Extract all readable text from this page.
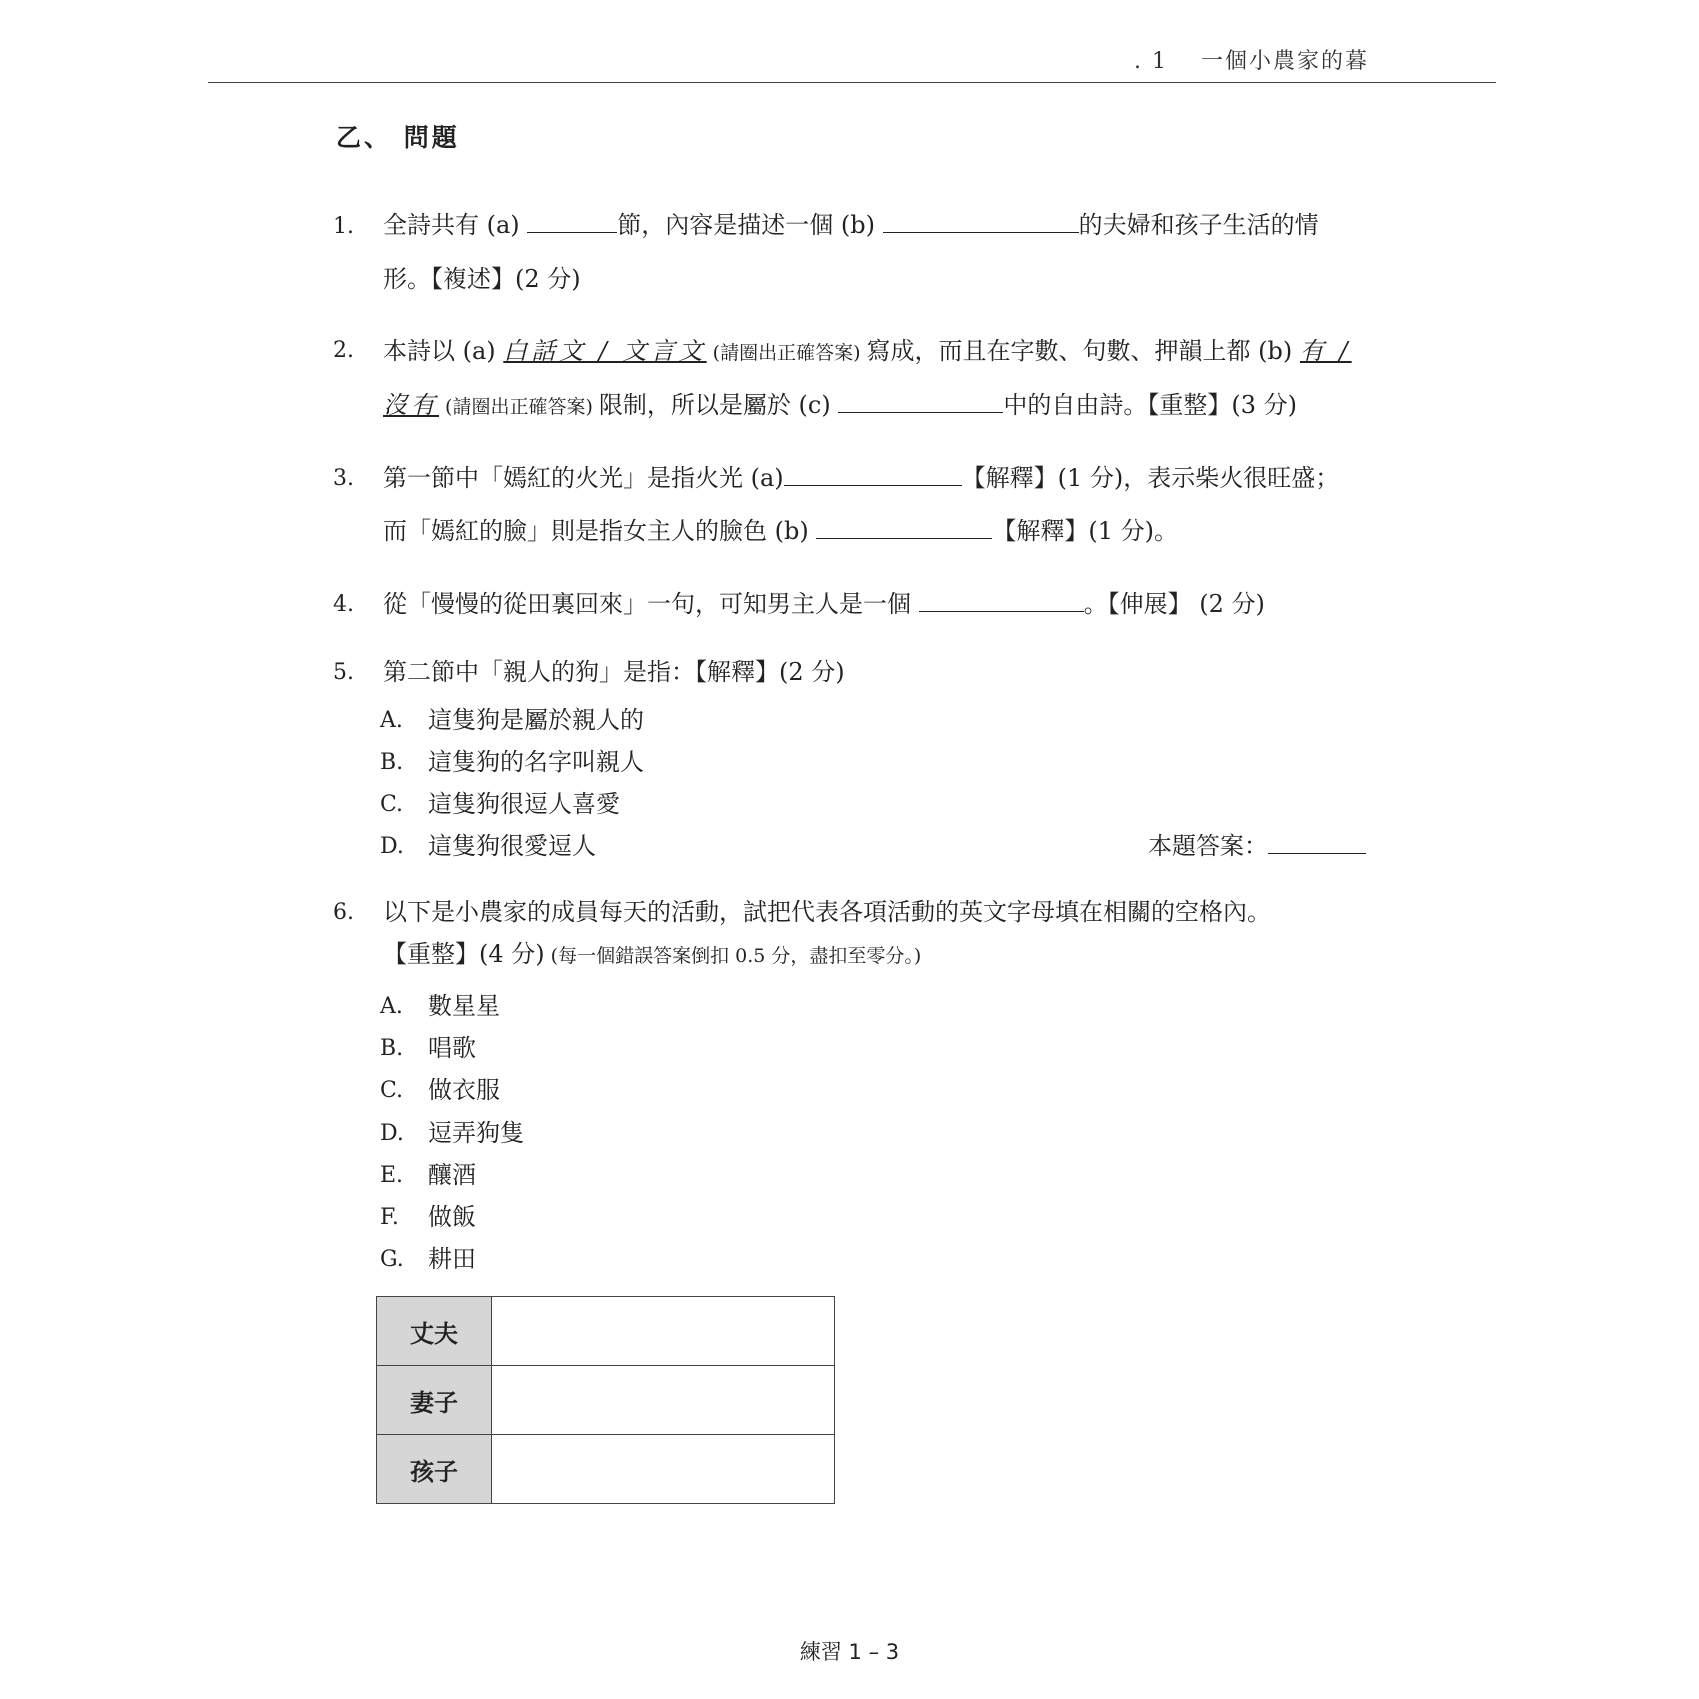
. 1　 一個小農家的暮
乙、 問題
1. 全詩共有 (a)	節，內容是描述一個 (b)	的夫婦和孩子生活的情
形。【複述】(2 分)
2. 本詩以 (a) 白話文 / 文言文 (請圈出正確答案) 寫成，而且在字數、句數、押韻上都 (b) 有 /
沒有 (請圈出正確答案) 限制，所以是屬於 (c)	中的自由詩。【重整】(3 分)
3. 第一節中「嫣紅的火光」是指火光 (a)	【解釋】(1 分)，表示柴火很旺盛；
而「嫣紅的臉」則是指女主人的臉色 (b)	【解釋】(1 分)。
4. 從「慢慢的從田裏回來」一句，可知男主人是一個	。【伸展】 (2 分)
5. 第二節中「親人的狗」是指：【解釋】(2 分)
A. 這隻狗是屬於親人的
B. 這隻狗的名字叫親人
C. 這隻狗很逗人喜愛
D. 這隻狗很愛逗人	本題答案：
6. 以下是小農家的成員每天的活動，試把代表各項活動的英文字母填在相關的空格內。
【重整】(4 分) (每一個錯誤答案倒扣 0.5 分，盡扣至零分。)
A. 數星星
B. 唱歌
C. 做衣服
D. 逗弄狗隻
E. 釀酒
F. 做飯
G. 耕田
丈夫	
妻子	
孩子	
練習 1 – 3
